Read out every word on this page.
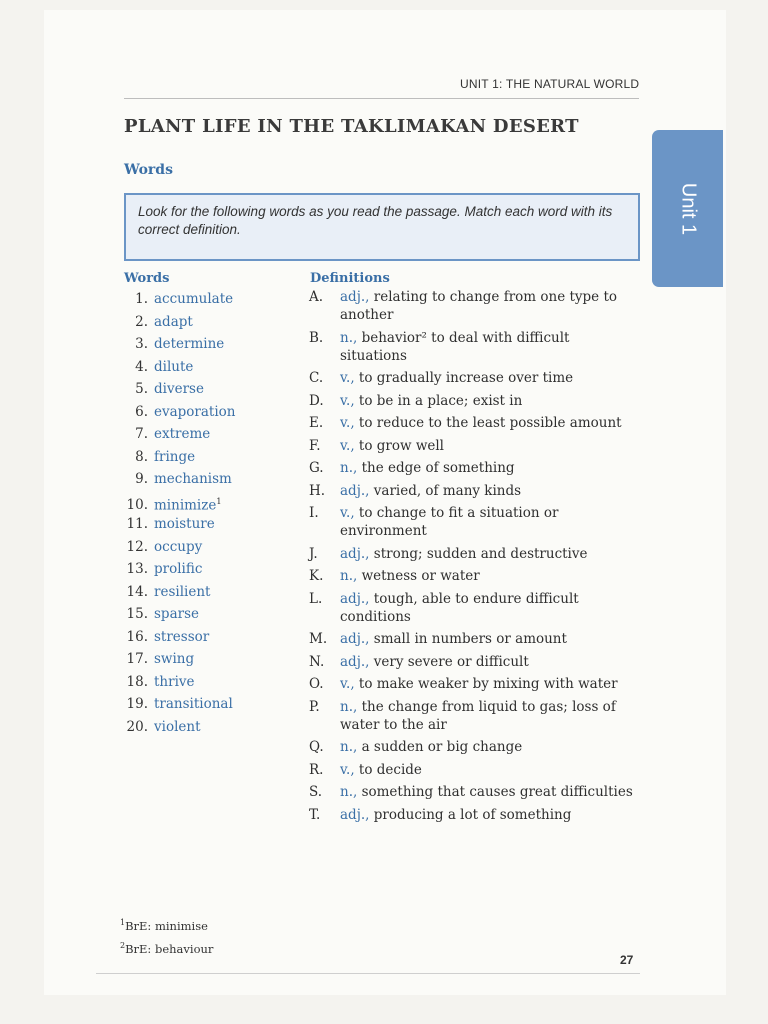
UNIT 1: THE NATURAL WORLD
Unit 1
PLANT LIFE IN THE TAKLIMAKAN DESERT
Words
Look for the following words as you read the passage. Match each word with its correct definition.
Words	Definitions
1. accumulate
2. adapt
3. determine
4. dilute
5. diverse
6. evaporation
7. extreme
8. fringe
9. mechanism
10. minimize$^1$
11. moisture
12. occupy
13. prolific
14. resilient
15. sparse
16. stressor
17. swing
18. thrive
19. transitional
20. violent
A. adj., relating to change from one type to another
B. n., behavior² to deal with difficult situations
C. v., to gradually increase over time
D. v., to be in a place; exist in
E. v., to reduce to the least possible amount
F. v., to grow well
G. n., the edge of something
H. adj., varied, of many kinds
I. v., to change to fit a situation or environment
J. adj., strong; sudden and destructive
K. n., wetness or water
L. adj., tough, able to endure difficult conditions
M. adj., small in numbers or amount
N. adj., very severe or difficult
O. v., to make weaker by mixing with water
P. n., the change from liquid to gas; loss of water to the air
Q. n., a sudden or big change
R. v., to decide
S. n., something that causes great difficulties
T. adj., producing a lot of something
$^1$BrE: minimise
$^2$BrE: behaviour
27
